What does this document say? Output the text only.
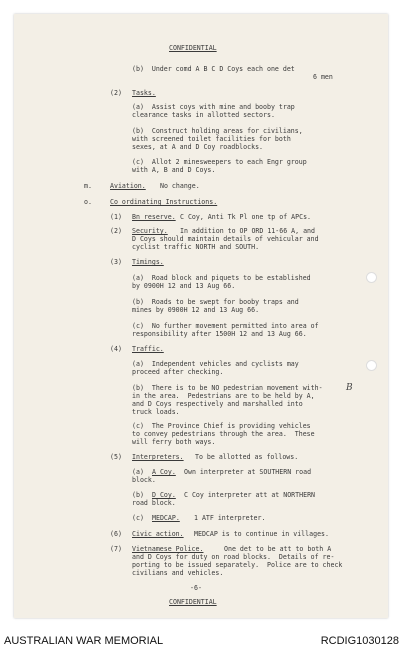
CONFIDENTIAL
(b)  Under comd A B C D Coys each one det
6 men
(2) Tasks.
(a)  Assist coys with mine and booby trap
clearance tasks in allotted sectors.
(b)  Construct holding areas for civilians,
with screened toilet facilities for both
sexes, at A and D Coy roadblocks.
(c)  Allot 2 minesweepers to each Engr group
with A, B and D Coys.
m.	Aviation. No change.
o.	Co ordinating Instructions.
(1) Bn reserve. C Coy, Anti Tk Pl one tp of APCs.
(2) Security. In addition to OP ORD 11-66 A, and
D Coys should maintain details of vehicular and
cyclist traffic NORTH and SOUTH.
(3) Timings.
(a)  Road block and piquets to be established
by 0900H 12 and 13 Aug 66.
(b)  Roads to be swept for booby traps and
mines by 0900H 12 and 13 Aug 66.
(c)  No further movement permitted into area of
responsibility after 1500H 12 and 13 Aug 66.
(4) Traffic.
(a)  Independent vehicles and cyclists may
proceed after checking.
(b)  There is to be NO pedestrian movement with-
in the area.  Pedestrians are to be held by A,
B
and D Coys respectively and marshalled into
truck loads.
(c)  The Province Chief is providing vehicles
to convey pedestrians through the area.  These
will ferry both ways.
(5) Interpreters. To be allotted as follows.
(a) A Coy. Own interpreter at SOUTHERN road
block.
(b) D Coy. C Coy interpreter att at NORTHERN
road block.
(c) MEDCAP. 1 ATF interpreter.
(6) Civic action. MEDCAP is to continue in villages.
(7) Vietnamese Police.	One det to be att to both A
and D Coys for duty on road blocks.  Details of re-
porting to be issued separately.  Police are to check
civilians and vehicles.
-6-
CONFIDENTIAL
AUSTRALIAN WAR MEMORIAL	RCDIG1030128
